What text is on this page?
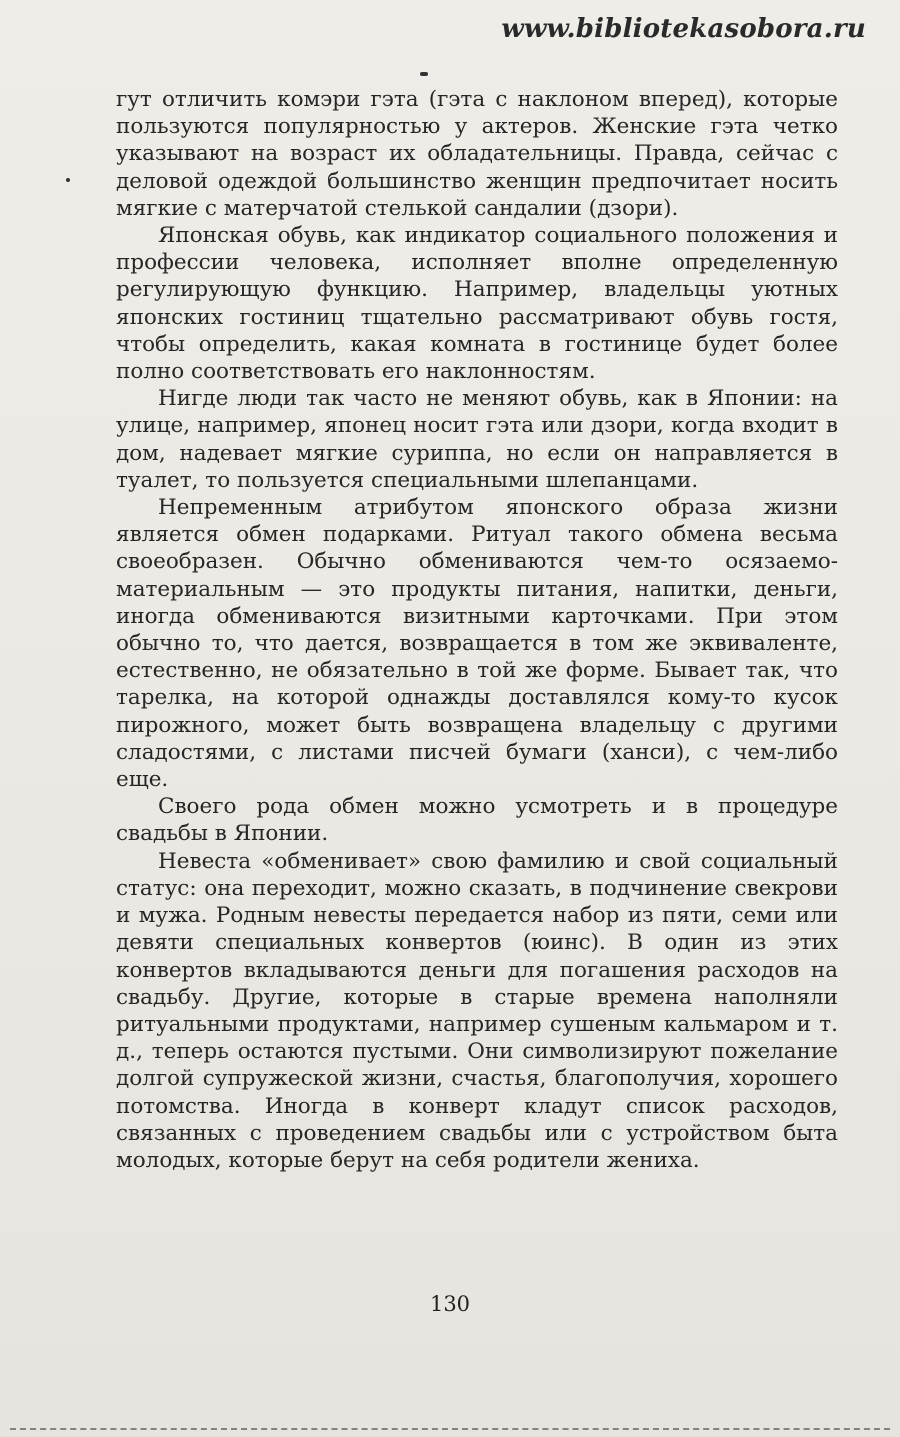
www.bibliotekasobora.ru

гут отличить комэри гэта (гэта с наклоном вперед), которые пользуются популярностью у актеров. Женские гэта четко указывают на возраст их обладательницы. Правда, сейчас с деловой одеждой большинство женщин предпочитает носить мягкие с матерчатой стелькой сандалии (дзори).

Японская обувь, как индикатор социального положения и профессии человека, исполняет вполне определенную регулирующую функцию. Например, владельцы уютных японских гостиниц тщательно рассматривают обувь гостя, чтобы определить, какая комната в гостинице будет более полно соответствовать его наклонностям.

Нигде люди так часто не меняют обувь, как в Японии: на улице, например, японец носит гэта или дзори, когда входит в дом, надевает мягкие суриппа, но если он направляется в туалет, то пользуется специальными шлепанцами.

Непременным атрибутом японского образа жизни является обмен подарками. Ритуал такого обмена весьма своеобразен. Обычно обмениваются чем-то осязаемо-материальным — это продукты питания, напитки, деньги, иногда обмениваются визитными карточками. При этом обычно то, что дается, возвращается в том же эквиваленте, естественно, не обязательно в той же форме. Бывает так, что тарелка, на которой однажды доставлялся кому-то кусок пирожного, может быть возвращена владельцу с другими сладостями, с листами писчей бумаги (ханси), с чем-либо еще.

Своего рода обмен можно усмотреть и в процедуре свадьбы в Японии.

Невеста «обменивает» свою фамилию и свой социальный статус: она переходит, можно сказать, в подчинение свекрови и мужа. Родным невесты передается набор из пяти, семи или девяти специальных конвертов (юинс). В один из этих конвертов вкладываются деньги для погашения расходов на свадьбу. Другие, которые в старые времена наполняли ритуальными продуктами, например сушеным кальмаром и т. д., теперь остаются пустыми. Они символизируют пожелание долгой супружеской жизни, счастья, благополучия, хорошего потомства. Иногда в конверт кладут список расходов, связанных с проведением свадьбы или с устройством быта молодых, которые берут на себя родители жениха.

130
